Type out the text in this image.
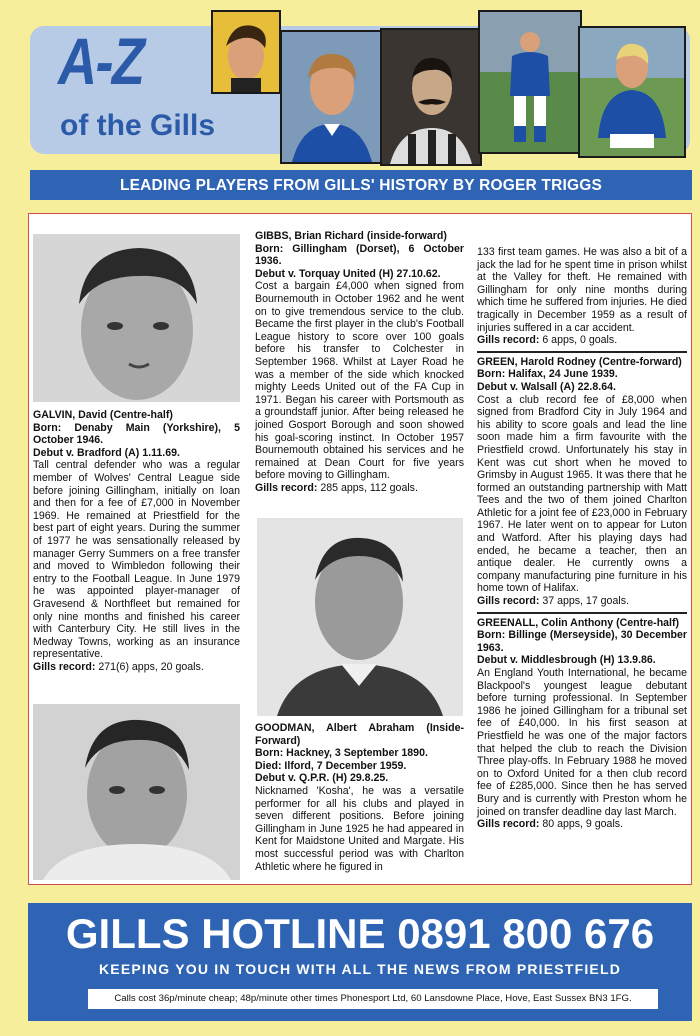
A-Z
of the Gills
LEADING PLAYERS FROM GILLS' HISTORY BY ROGER TRIGGS

GALVIN, David (Centre-half)

Born: Denaby Main (Yorkshire), 5 October 1946.

Debut v. Bradford (A) 1.11.69.

Tall central defender who was a regular member of Wolves' Central League side before joining Gillingham, initially on loan and then for a fee of £7,000 in November 1969. He remained at Priestfield for the best part of eight years. During the summer of 1977 he was sensationally released by manager Gerry Summers on a free transfer and moved to Wimbledon following their entry to the Football League. In June 1979 he was appointed player-manager of Gravesend & Northfleet but remained for only nine months and finished his career with Canterbury City. He still lives in the Medway Towns, working as an insurance representative.

Gills record: 271(6) apps, 20 goals.

GIBBS, Brian Richard (inside-forward)

Born: Gillingham (Dorset), 6 October 1936.

Debut v. Torquay United (H) 27.10.62.

Cost a bargain £4,000 when signed from Bournemouth in October 1962 and he went on to give tremendous service to the club. Became the first player in the club's Football League history to score over 100 goals before his transfer to Colchester in September 1968. Whilst at Layer Road he was a member of the side which knocked mighty Leeds United out of the FA Cup in 1971. Began his career with Portsmouth as a groundstaff junior. After being released he joined Gosport Borough and soon showed his goal-scoring instinct. In October 1957 Bournemouth obtained his services and he remained at Dean Court for five years before moving to Gillingham.

Gills record: 285 apps, 112 goals.

GOODMAN, Albert Abraham (Inside-Forward)

Born: Hackney, 3 September 1890.

Died: Ilford, 7 December 1959.

Debut v. Q.P.R. (H) 29.8.25.

Nicknamed 'Kosha', he was a versatile performer for all his clubs and played in seven different positions. Before joining Gillingham in June 1925 he had appeared in Kent for Maidstone United and Margate. His most successful period was with Charlton Athletic where he figured in

133 first team games. He was also a bit of a jack the lad for he spent time in prison whilst at the Valley for theft. He remained with Gillingham for only nine months during which time he suffered from injuries. He died tragically in December 1959 as a result of injuries suffered in a car accident.

Gills record: 6 apps, 0 goals.

GREEN, Harold Rodney (Centre-forward)

Born: Halifax, 24 June 1939.

Debut v. Walsall (A) 22.8.64.

Cost a club record fee of £8,000 when signed from Bradford City in July 1964 and his ability to score goals and lead the line soon made him a firm favourite with the Priestfield crowd. Unfortunately his stay in Kent was cut short when he moved to Grimsby in August 1965. It was there that he formed an outstanding partnership with Matt Tees and the two of them joined Charlton Athletic for a joint fee of £23,000 in February 1967. He later went on to appear for Luton and Watford. After his playing days had ended, he became a teacher, then an antique dealer. He currently owns a company manufacturing pine furniture in his home town of Halifax.

Gills record: 37 apps, 17 goals.

GREENALL, Colin Anthony (Centre-half)

Born: Billinge (Merseyside), 30 December 1963.

Debut v. Middlesbrough (H) 13.9.86.

An England Youth International, he became Blackpool's youngest league debutant before turning professional. In September 1986 he joined Gillingham for a tribunal set fee of £40,000. In his first season at Priestfield he was one of the major factors that helped the club to reach the Division Three play-offs. In February 1988 he moved on to Oxford United for a then club record fee of £285,000. Since then he has served Bury and is currently with Preston whom he joined on transfer deadline day last March.

Gills record: 80 apps, 9 goals.

GILLS HOTLINE 0891 800 676
KEEPING YOU IN TOUCH WITH ALL THE NEWS FROM PRIESTFIELD
Calls cost 36p/minute cheap; 48p/minute other times Phonesport Ltd, 60 Lansdowne Place, Hove, East Sussex BN3 1FG.
